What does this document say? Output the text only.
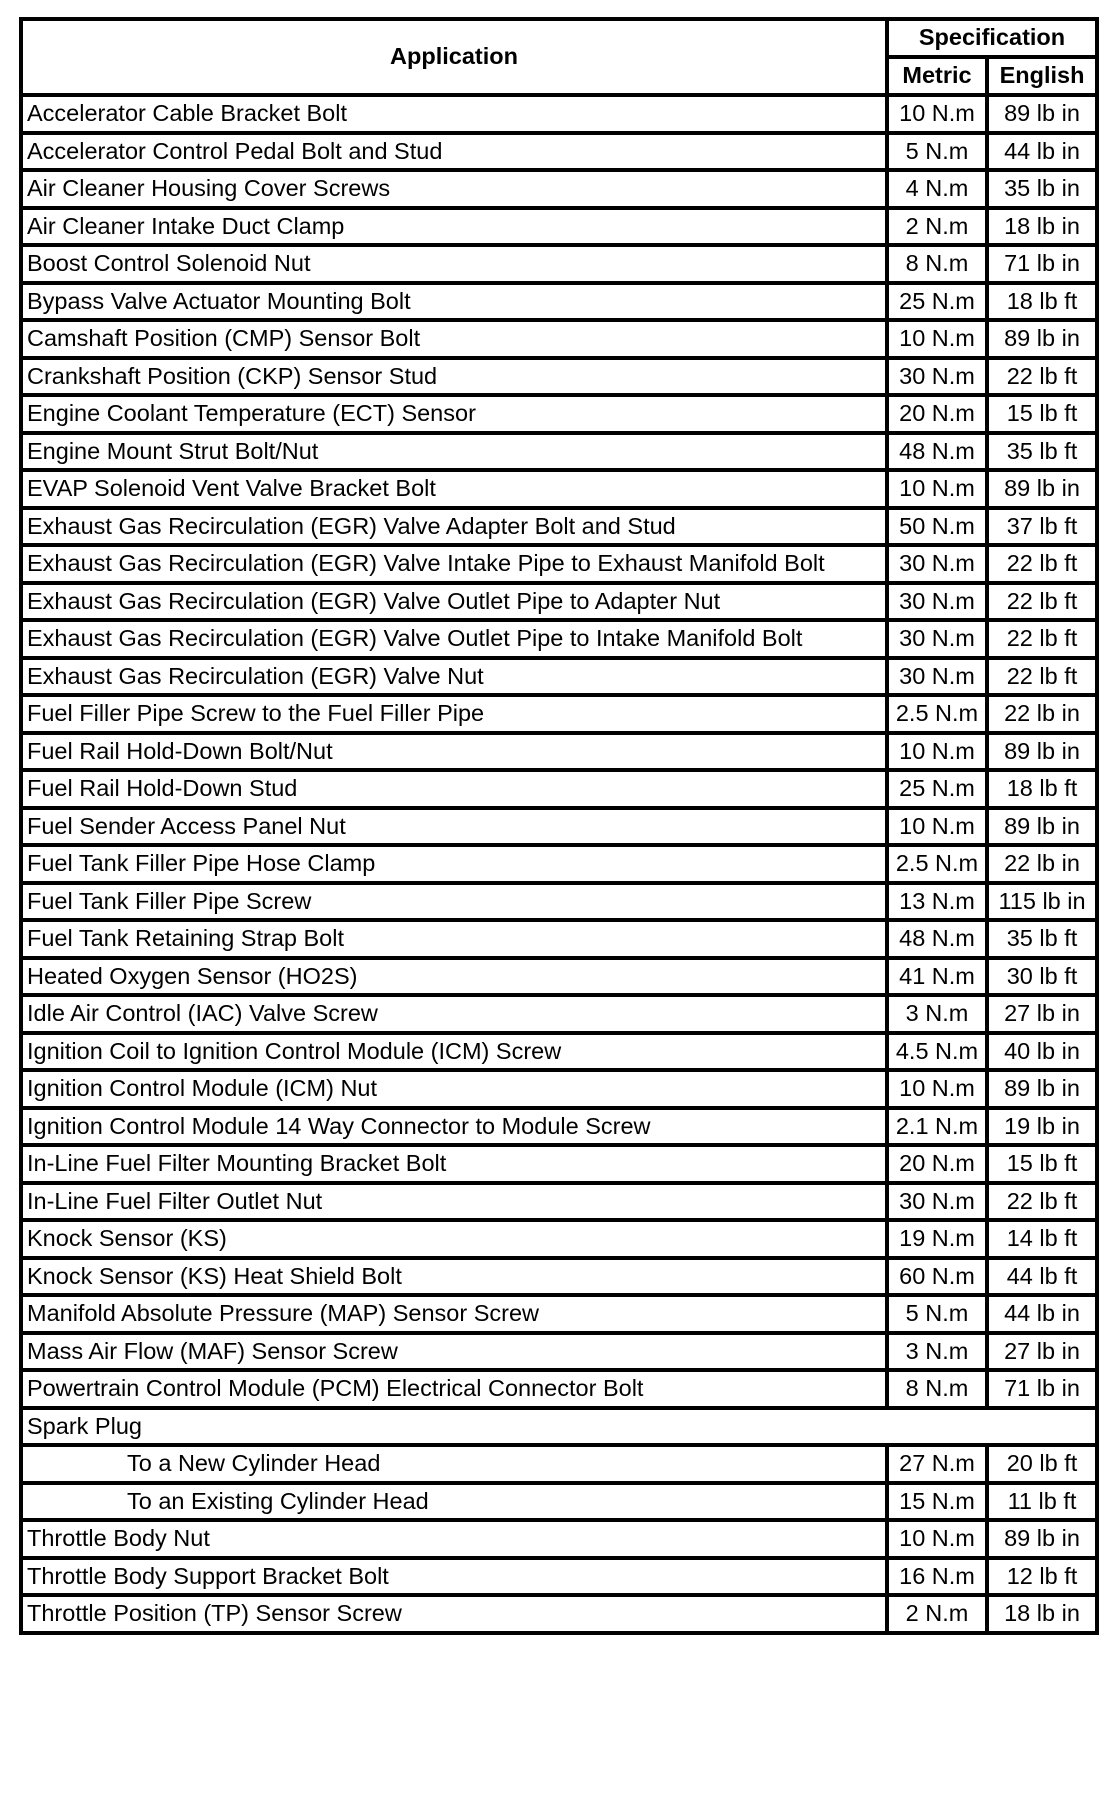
Application	Specification	
	Metric	English
Accelerator Cable Bracket Bolt	10 N.m	89 lb in
Accelerator Control Pedal Bolt and Stud	5 N.m	44 lb in
Air Cleaner Housing Cover Screws	4 N.m	35 lb in
Air Cleaner Intake Duct Clamp	2 N.m	18 lb in
Boost Control Solenoid Nut	8 N.m	71 lb in
Bypass Valve Actuator Mounting Bolt	25 N.m	18 lb ft
Camshaft Position (CMP) Sensor Bolt	10 N.m	89 lb in
Crankshaft Position (CKP) Sensor Stud	30 N.m	22 lb ft
Engine Coolant Temperature (ECT) Sensor	20 N.m	15 lb ft
Engine Mount Strut Bolt/Nut	48 N.m	35 lb ft
EVAP Solenoid Vent Valve Bracket Bolt	10 N.m	89 lb in
Exhaust Gas Recirculation (EGR) Valve Adapter Bolt and Stud	50 N.m	37 lb ft
Exhaust Gas Recirculation (EGR) Valve Intake Pipe to Exhaust Manifold Bolt	30 N.m	22 lb ft
Exhaust Gas Recirculation (EGR) Valve Outlet Pipe to Adapter Nut	30 N.m	22 lb ft
Exhaust Gas Recirculation (EGR) Valve Outlet Pipe to Intake Manifold Bolt	30 N.m	22 lb ft
Exhaust Gas Recirculation (EGR) Valve Nut	30 N.m	22 lb ft
Fuel Filler Pipe Screw to the Fuel Filler Pipe	2.5 N.m	22 lb in
Fuel Rail Hold-Down Bolt/Nut	10 N.m	89 lb in
Fuel Rail Hold-Down Stud	25 N.m	18 lb ft
Fuel Sender Access Panel Nut	10 N.m	89 lb in
Fuel Tank Filler Pipe Hose Clamp	2.5 N.m	22 lb in
Fuel Tank Filler Pipe Screw	13 N.m	115 lb in
Fuel Tank Retaining Strap Bolt	48 N.m	35 lb ft
Heated Oxygen Sensor (HO2S)	41 N.m	30 lb ft
Idle Air Control (IAC) Valve Screw	3 N.m	27 lb in
Ignition Coil to Ignition Control Module (ICM) Screw	4.5 N.m	40 lb in
Ignition Control Module (ICM) Nut	10 N.m	89 lb in
Ignition Control Module 14 Way Connector to Module Screw	2.1 N.m	19 lb in
In-Line Fuel Filter Mounting Bracket Bolt	20 N.m	15 lb ft
In-Line Fuel Filter Outlet Nut	30 N.m	22 lb ft
Knock Sensor (KS)	19 N.m	14 lb ft
Knock Sensor (KS) Heat Shield Bolt	60 N.m	44 lb ft
Manifold Absolute Pressure (MAP) Sensor Screw	5 N.m	44 lb in
Mass Air Flow (MAF) Sensor Screw	3 N.m	27 lb in
Powertrain Control Module (PCM) Electrical Connector Bolt	8 N.m	71 lb in
Spark Plug		
To a New Cylinder Head	27 N.m	20 lb ft
To an Existing Cylinder Head	15 N.m	11 lb ft
Throttle Body Nut	10 N.m	89 lb in
Throttle Body Support Bracket Bolt	16 N.m	12 lb ft
Throttle Position (TP) Sensor Screw	2 N.m	18 lb in
